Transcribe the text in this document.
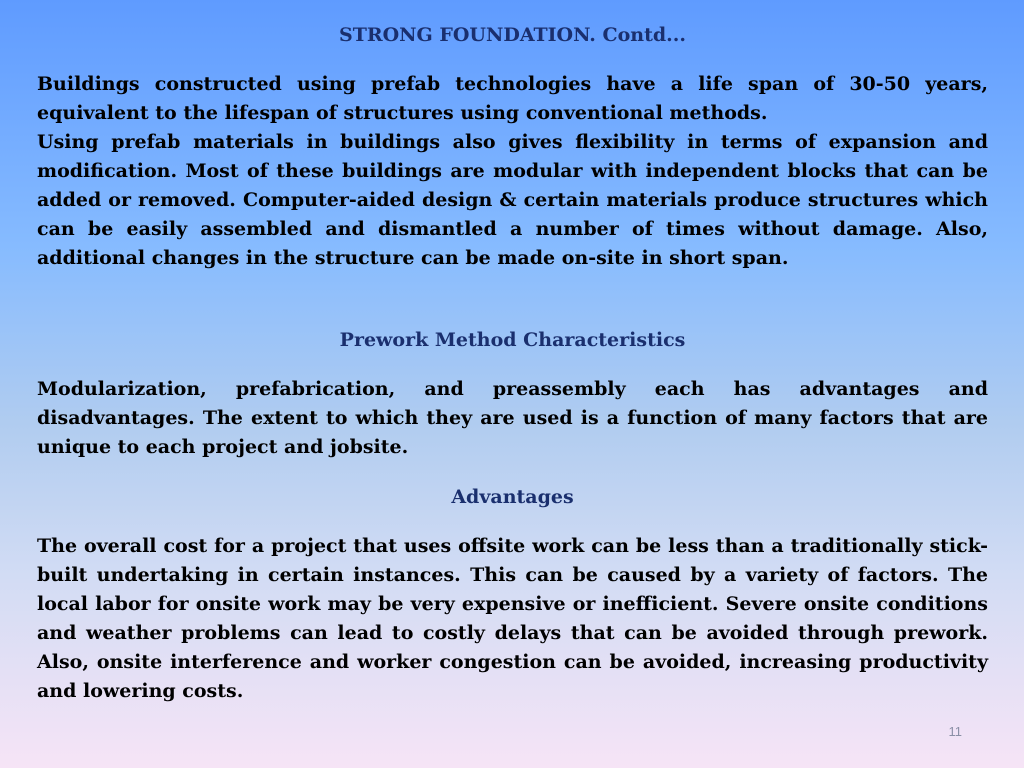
STRONG FOUNDATION. Contd...

Buildings constructed using prefab technologies have a life span of 30-50 years, equivalent to the lifespan of structures using conventional methods.

Using prefab materials in buildings also gives flexibility in terms of expansion and modification. Most of these buildings are modular with independent blocks that can be added or removed. Computer-aided design & certain materials produce structures which can be easily assembled and dismantled a number of times without damage. Also, additional changes in the structure can be made on-site in short span.

Prework Method Characteristics

Modularization, prefabrication, and preassembly each has advantages and disadvantages. The extent to which they are used is a function of many factors that are unique to each project and jobsite.

Advantages

The overall cost for a project that uses offsite work can be less than a traditionally stick-built undertaking in certain instances. This can be caused by a variety of factors. The local labor for onsite work may be very expensive or inefficient. Severe onsite conditions and weather problems can lead to costly delays that can be avoided through prework. Also, onsite interference and worker congestion can be avoided, increasing productivity and lowering costs.

11
